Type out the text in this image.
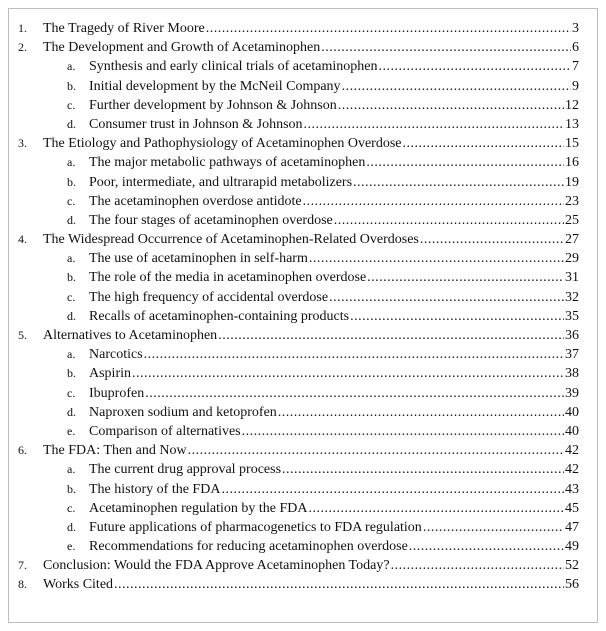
1.	The Tragedy of River Moore .....	3
2.	The Development and Growth of Acetaminophen .....	6
a. Synthesis and early clinical trials of acetaminophen .....	7
b. Initial development by the McNeil Company .....	9
c. Further development by Johnson & Johnson .....	12
d. Consumer trust in Johnson & Johnson .....	13
3.	The Etiology and Pathophysiology of Acetaminophen Overdose .....	15
a. The major metabolic pathways of acetaminophen .....	16
b. Poor, intermediate, and ultrarapid metabolizers .....	19
c. The acetaminophen overdose antidote .....	23
d. The four stages of acetaminophen overdose .....	25
4.	The Widespread Occurrence of Acetaminophen-Related Overdoses .....	27
a. The use of acetaminophen in self-harm .....	29
b. The role of the media in acetaminophen overdose .....	31
c. The high frequency of accidental overdose .....	32
d. Recalls of acetaminophen-containing products .....	35
5.	Alternatives to Acetaminophen .....	36
a. Narcotics .....	37
b. Aspirin .....	38
c. Ibuprofen .....	39
d. Naproxen sodium and ketoprofen .....	40
e. Comparison of alternatives .....	40
6.	The FDA: Then and Now .....	42
a. The current drug approval process .....	42
b. The history of the FDA .....	43
c. Acetaminophen regulation by the FDA .....	45
d. Future applications of pharmacogenetics to FDA regulation .....	47
e. Recommendations for reducing acetaminophen overdose .....	49
7.	Conclusion: Would the FDA Approve Acetaminophen Today? .....	52
8.	Works Cited .....	56
